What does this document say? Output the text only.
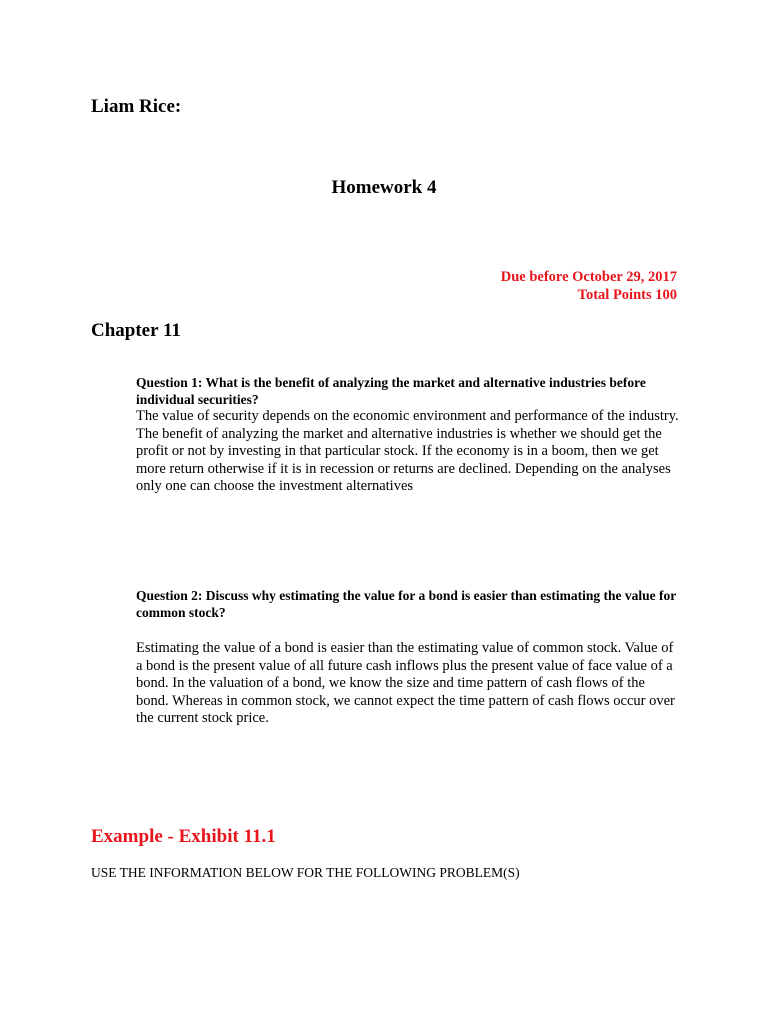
Liam Rice:
Homework 4
Due before October 29, 2017
Total Points 100
Chapter 11

Question 1: What is the benefit of analyzing the market and alternative industries before individual securities?

The value of security depends on the economic environment and performance of the industry. The benefit of analyzing the market and alternative industries is whether we should get the profit or not by investing in that particular stock. If the economy is in a boom, then we get more return otherwise if it is in recession or returns are declined. Depending on the analyses only one can choose the investment alternatives

Question 2: Discuss why estimating the value for a bond is easier than estimating the value for common stock?

Estimating the value of a bond is easier than the estimating value of common stock. Value of a bond is the present value of all future cash inflows plus the present value of face value of a bond. In the valuation of a bond, we know the size and time pattern of cash flows of the bond. Whereas in common stock, we cannot expect the time pattern of cash flows occur over the current stock price.

Example - Exhibit 11.1
USE THE INFORMATION BELOW FOR THE FOLLOWING PROBLEM(S)
